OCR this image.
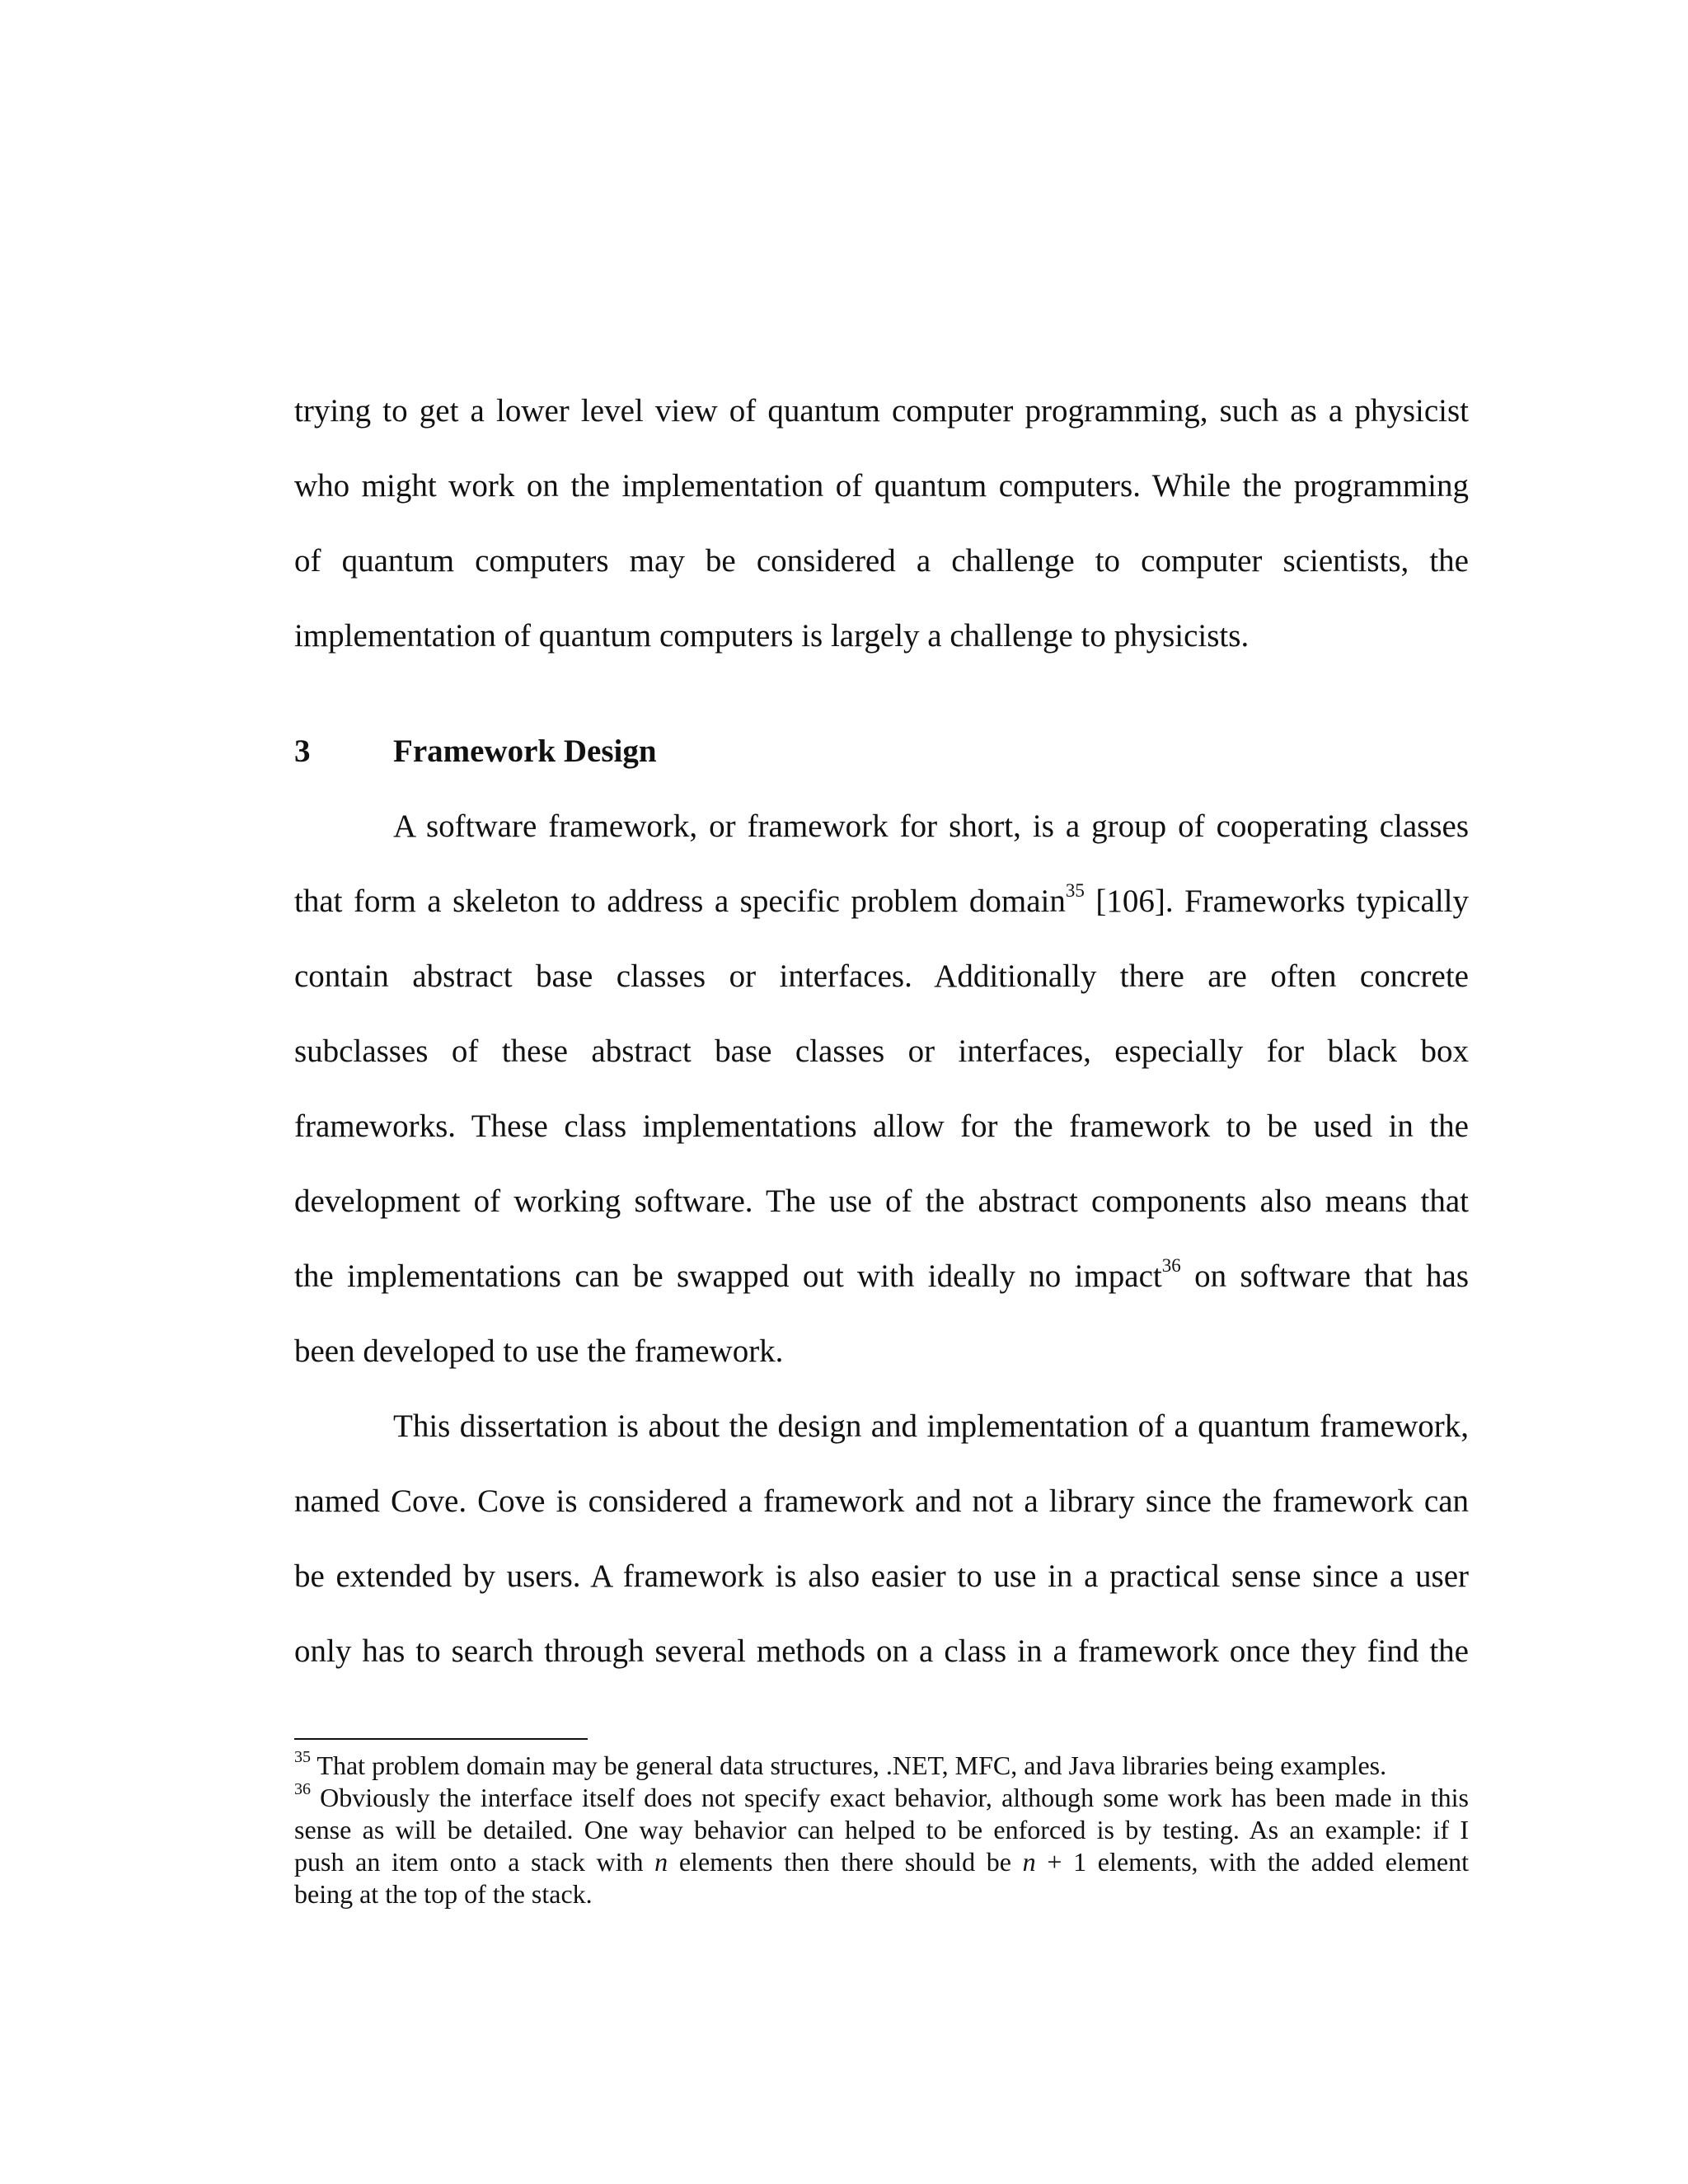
trying to get a lower level view of quantum computer programming, such as a physicist
who might work on the implementation of quantum computers. While the programming
of quantum computers may be considered a challenge to computer scientists, the
implementation of quantum computers is largely a challenge to physicists.
3	Framework Design
A software framework, or framework for short, is a group of cooperating classes
that form a skeleton to address a specific problem domain$^{35}$ [106]. Frameworks typically
contain abstract base classes or interfaces. Additionally there are often concrete
subclasses of these abstract base classes or interfaces, especially for black box
frameworks. These class implementations allow for the framework to be used in the
development of working software. The use of the abstract components also means that
the implementations can be swapped out with ideally no impact$^{36}$ on software that has
been developed to use the framework.
This dissertation is about the design and implementation of a quantum framework,
named Cove. Cove is considered a framework and not a library since the framework can
be extended by users. A framework is also easier to use in a practical sense since a user
only has to search through several methods on a class in a framework once they find the
$^{35}$ That problem domain may be general data structures, .NET, MFC, and Java libraries being examples.
$^{36}$ Obviously the interface itself does not specify exact behavior, although some work has been made in this
sense as will be detailed. One way behavior can helped to be enforced is by testing. As an example: if I
push an item onto a stack with n elements then there should be n + 1 elements, with the added element
being at the top of the stack.
